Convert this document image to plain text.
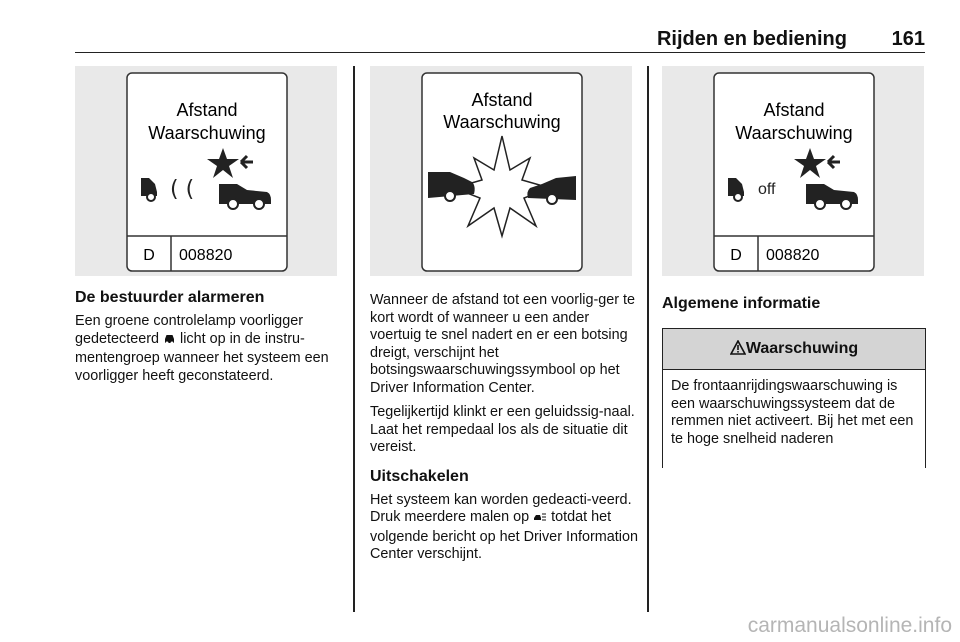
Rijden en bediening 161
Afstand
Waarschuwing
( (
D 008820
Afstand
Waarschuwing
Afstand
Waarschuwing
off
D 008820
De bestuurder alarmeren

Een groene controlelamp voorligger gedetecteerd licht op in de instru-mentengroep wanneer het systeem een voorligger heeft geconstateerd.

Wanneer de afstand tot een voorlig-ger te kort wordt of wanneer u een ander voertuig te snel nadert en er een botsing dreigt, verschijnt het botsingswaarschuwingssymbool op het Driver Information Center.

Tegelijkertijd klinkt er een geluidssig-naal. Laat het rempedaal los als de situatie dit vereist.

Uitschakelen

Het systeem kan worden gedeacti-veerd. Druk meerdere malen op totdat het volgende bericht op het Driver Information Center verschijnt.

Algemene informatie
Waarschuwing
De frontaanrijdingswaarschuwing is een waarschuwingssysteem dat de remmen niet activeert. Bij het met een te hoge snelheid naderen
carmanualsonline.info
